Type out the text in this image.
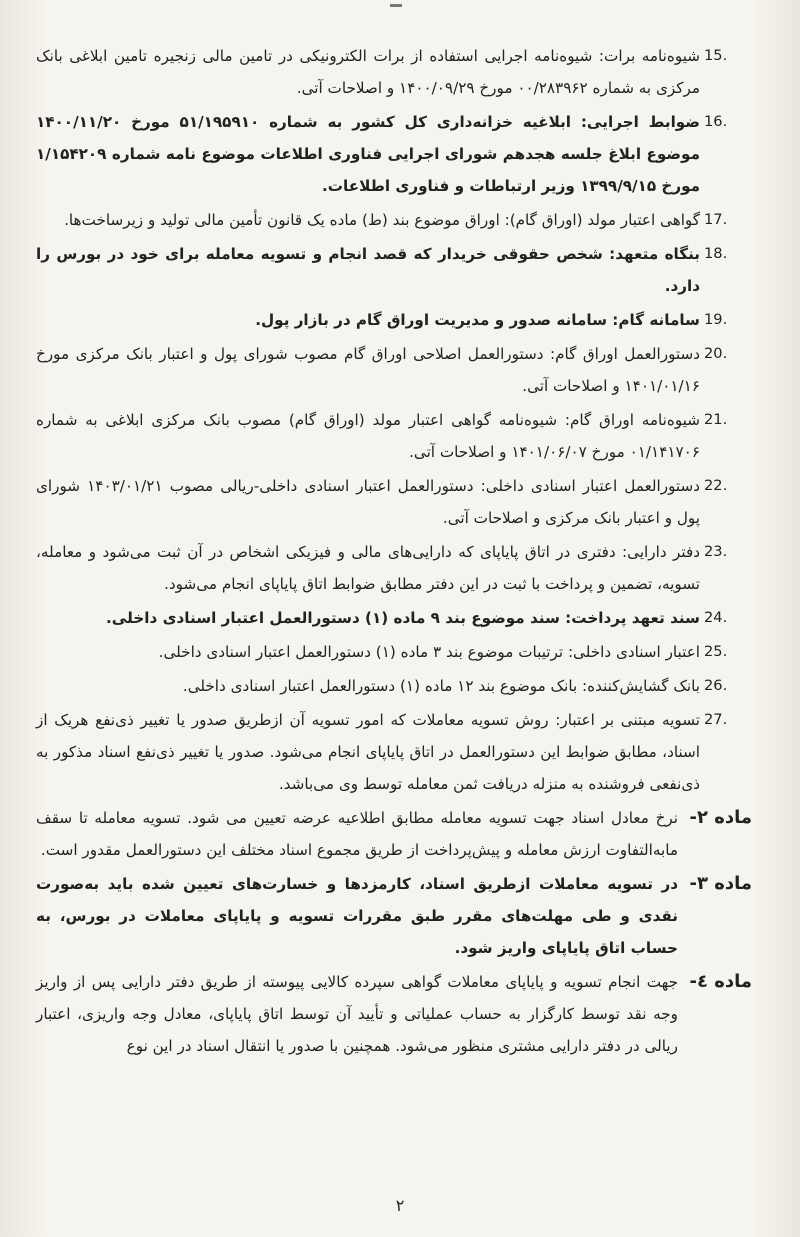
15.
شیوه‌نامه برات: شیوه‌نامه اجرایی استفاده از برات الکترونیکی در تامین مالی زنجیره تامین ابلاغی بانک مرکزی به شماره ۰۰/۲۸۳۹۶۲ مورخ ۱۴۰۰/۰۹/۲۹ و اصلاحات آتی.
16.
ضوابط اجرایی: ابلاغیه خزانه‌داری کل کشور به شماره ۵۱/۱۹۵۹۱۰ مورخ ۱۴۰۰/۱۱/۲۰ موضوع ابلاغ جلسه هجدهم شورای اجرایی فناوری اطلاعات موضوع نامه شماره ۱/۱۵۴۲۰۹ مورخ ۱۳۹۹/۹/۱۵ وزیر ارتباطات و فناوری اطلاعات.
17.
گواهی اعتبار مولد (اوراق گام): اوراق موضوع بند (ط) ماده یک قانون تأمین مالی تولید و زیرساخت‌ها.
18.
بنگاه متعهد: شخص حقوقی خریدار که قصد انجام و تسویه معامله برای خود در بورس را دارد.
19.
سامانه گام: سامانه صدور و مدیریت اوراق گام در بازار پول.
20.
دستورالعمل اوراق گام: دستورالعمل اصلاحی اوراق گام مصوب شورای پول و اعتبار بانک مرکزی مورخ ۱۴۰۱/۰۱/۱۶ و اصلاحات آتی.
21.
شیوه‌نامه اوراق گام: شیوه‌نامه گواهی اعتبار مولد (اوراق گام) مصوب بانک مرکزی ابلاغی به شماره ۰۱/۱۴۱۷۰۶ مورخ ۱۴۰۱/۰۶/۰۷ و اصلاحات آتی.
22.
دستورالعمل اعتبار اسنادی داخلی: دستورالعمل اعتبار اسنادی داخلی-ریالی مصوب ۱۴۰۳/۰۱/۲۱ شورای پول و اعتبار بانک مرکزی و اصلاحات آتی.
23.
دفتر دارایی: دفتری در اتاق پایاپای که دارایی‌های مالی و فیزیکی اشخاص در آن ثبت می‌شود و معامله، تسویه، تضمین و پرداخت با ثبت در این دفتر مطابق ضوابط اتاق پایاپای انجام می‌شود.
24.
سند تعهد پرداخت: سند موضوع بند ۹ ماده (۱) دستورالعمل اعتبار اسنادی داخلی.
25.
اعتبار اسنادی داخلی: ترتیبات موضوع بند ۳ ماده (۱) دستورالعمل اعتبار اسنادی داخلی.
26.
بانک گشایش‌کننده: بانک موضوع بند ۱۲ ماده (۱) دستورالعمل اعتبار اسنادی داخلی.
27.
تسویه مبتنی بر اعتبار: روش تسویه معاملات که امور تسویه آن ازطریق صدور یا تغییر ذی‌نفع هریک از اسناد، مطابق ضوابط این دستورالعمل در اتاق پایاپای انجام می‌شود. صدور یا تغییر ذی‌نفع اسناد مذکور به ذی‌نفعی فروشنده به منزله دریافت ثمن معامله توسط وی می‌باشد.
ماده ۲-
نرخ معادل اسناد جهت تسویه معامله مطابق اطلاعیه عرضه تعیین می شود. تسویه معامله تا سقف مابه‌التفاوت ارزش معامله و پیش‌پرداخت از طریق مجموع اسناد مختلف این دستورالعمل مقدور است.
ماده ۳-
در تسویه معاملات ازطریق اسناد، کارمزدها و خسارت‌های تعیین شده باید به‌صورت نقدی و طی مهلت‌های مقرر طبق مقررات تسویه و پایاپای معاملات در بورس، به حساب اتاق پایاپای واریز شود.
ماده ٤-
جهت انجام تسویه و پایاپای معاملات گواهی سپرده کالایی پیوسته از طریق دفتر دارایی پس از واریز وجه نقد توسط کارگزار به حساب عملیاتی و تأیید آن توسط اتاق پایاپای، معادل وجه واریزی، اعتبار ریالی در دفتر دارایی مشتری منظور می‌شود. همچنین با صدور یا انتقال اسناد در این نوع
۲
